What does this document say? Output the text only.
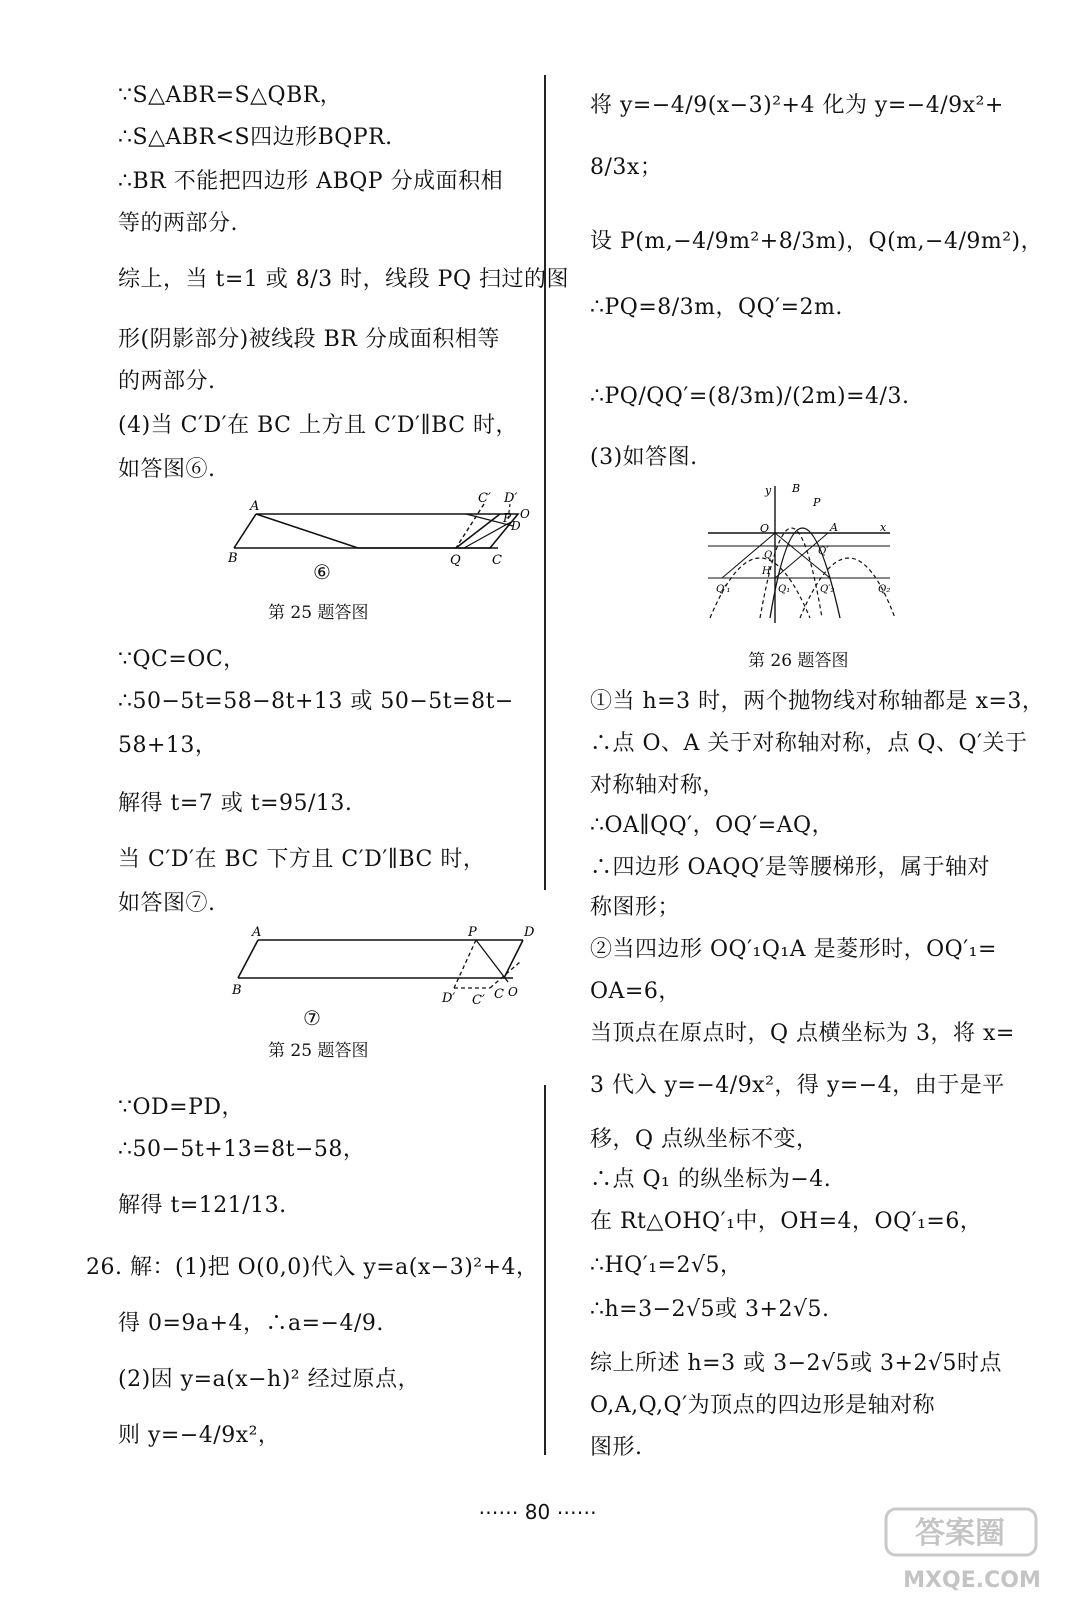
∵S△ABR=S△QBR，
∴S△ABR<S四边形BQPR.
∴BR 不能把四边形 ABQP 分成面积相
等的两部分.
综上，当 t=1 或 8/3 时，线段 PQ 扫过的图
形(阴影部分)被线段 BR 分成面积相等
的两部分.
(4)当 C′D′在 BC 上方且 C′D′∥BC 时，
如答图⑥.
A
B	Q C
C′ D′
P
D
O
⑥
第 25 题答图
∵QC=OC，
∴50−5t=58−8t+13 或 50−5t=8t−
58+13，
解得 t=7 或 t=95/13.
当 C′D′在 BC 下方且 C′D′∥BC 时，
如答图⑦.
A	P	D
B
D′ C′ C O
⑦
第 25 题答图
∵OD=PD，
∴50−5t+13=8t−58，
解得 t=121/13.
26. 解：(1)把 O(0,0)代入 y=a(x−3)²+4，
得 0=9a+4，∴a=−4/9.
(2)因 y=a(x−h)² 经过原点，
则 y=−4/9x²，
将 y=−4/9(x−3)²+4 化为 y=−4/9x²+
8/3x；
设 P(m,−4/9m²+8/3m)，Q(m,−4/9m²)，
∴PQ=8/3m，QQ′=2m.
∴PQ/QQ′=(8/3m)/(2m)=4/3.
(3)如答图.
y B
P
O	A	x
Q	Q′
H
Q′₁	Q₁	Q′₂	Q₂
第 26 题答图
①当 h=3 时，两个抛物线对称轴都是 x=3，
∴点 O、A 关于对称轴对称，点 Q、Q′关于
对称轴对称，
∴OA∥QQ′，OQ′=AQ，
∴四边形 OAQQ′是等腰梯形，属于轴对
称图形；
②当四边形 OQ′₁Q₁A 是菱形时，OQ′₁=
OA=6，
当顶点在原点时，Q 点横坐标为 3，将 x=
3 代入 y=−4/9x²，得 y=−4，由于是平
移，Q 点纵坐标不变，
∴点 Q₁ 的纵坐标为−4.
在 Rt△OHQ′₁中，OH=4，OQ′₁=6，
∴HQ′₁=2√5，
∴h=3−2√5或 3+2√5.
综上所述 h=3 或 3−2√5或 3+2√5时点
O,A,Q,Q′为顶点的四边形是轴对称
图形.
⋯⋯ 80 ⋯⋯
答案圈
MXQE.COM
